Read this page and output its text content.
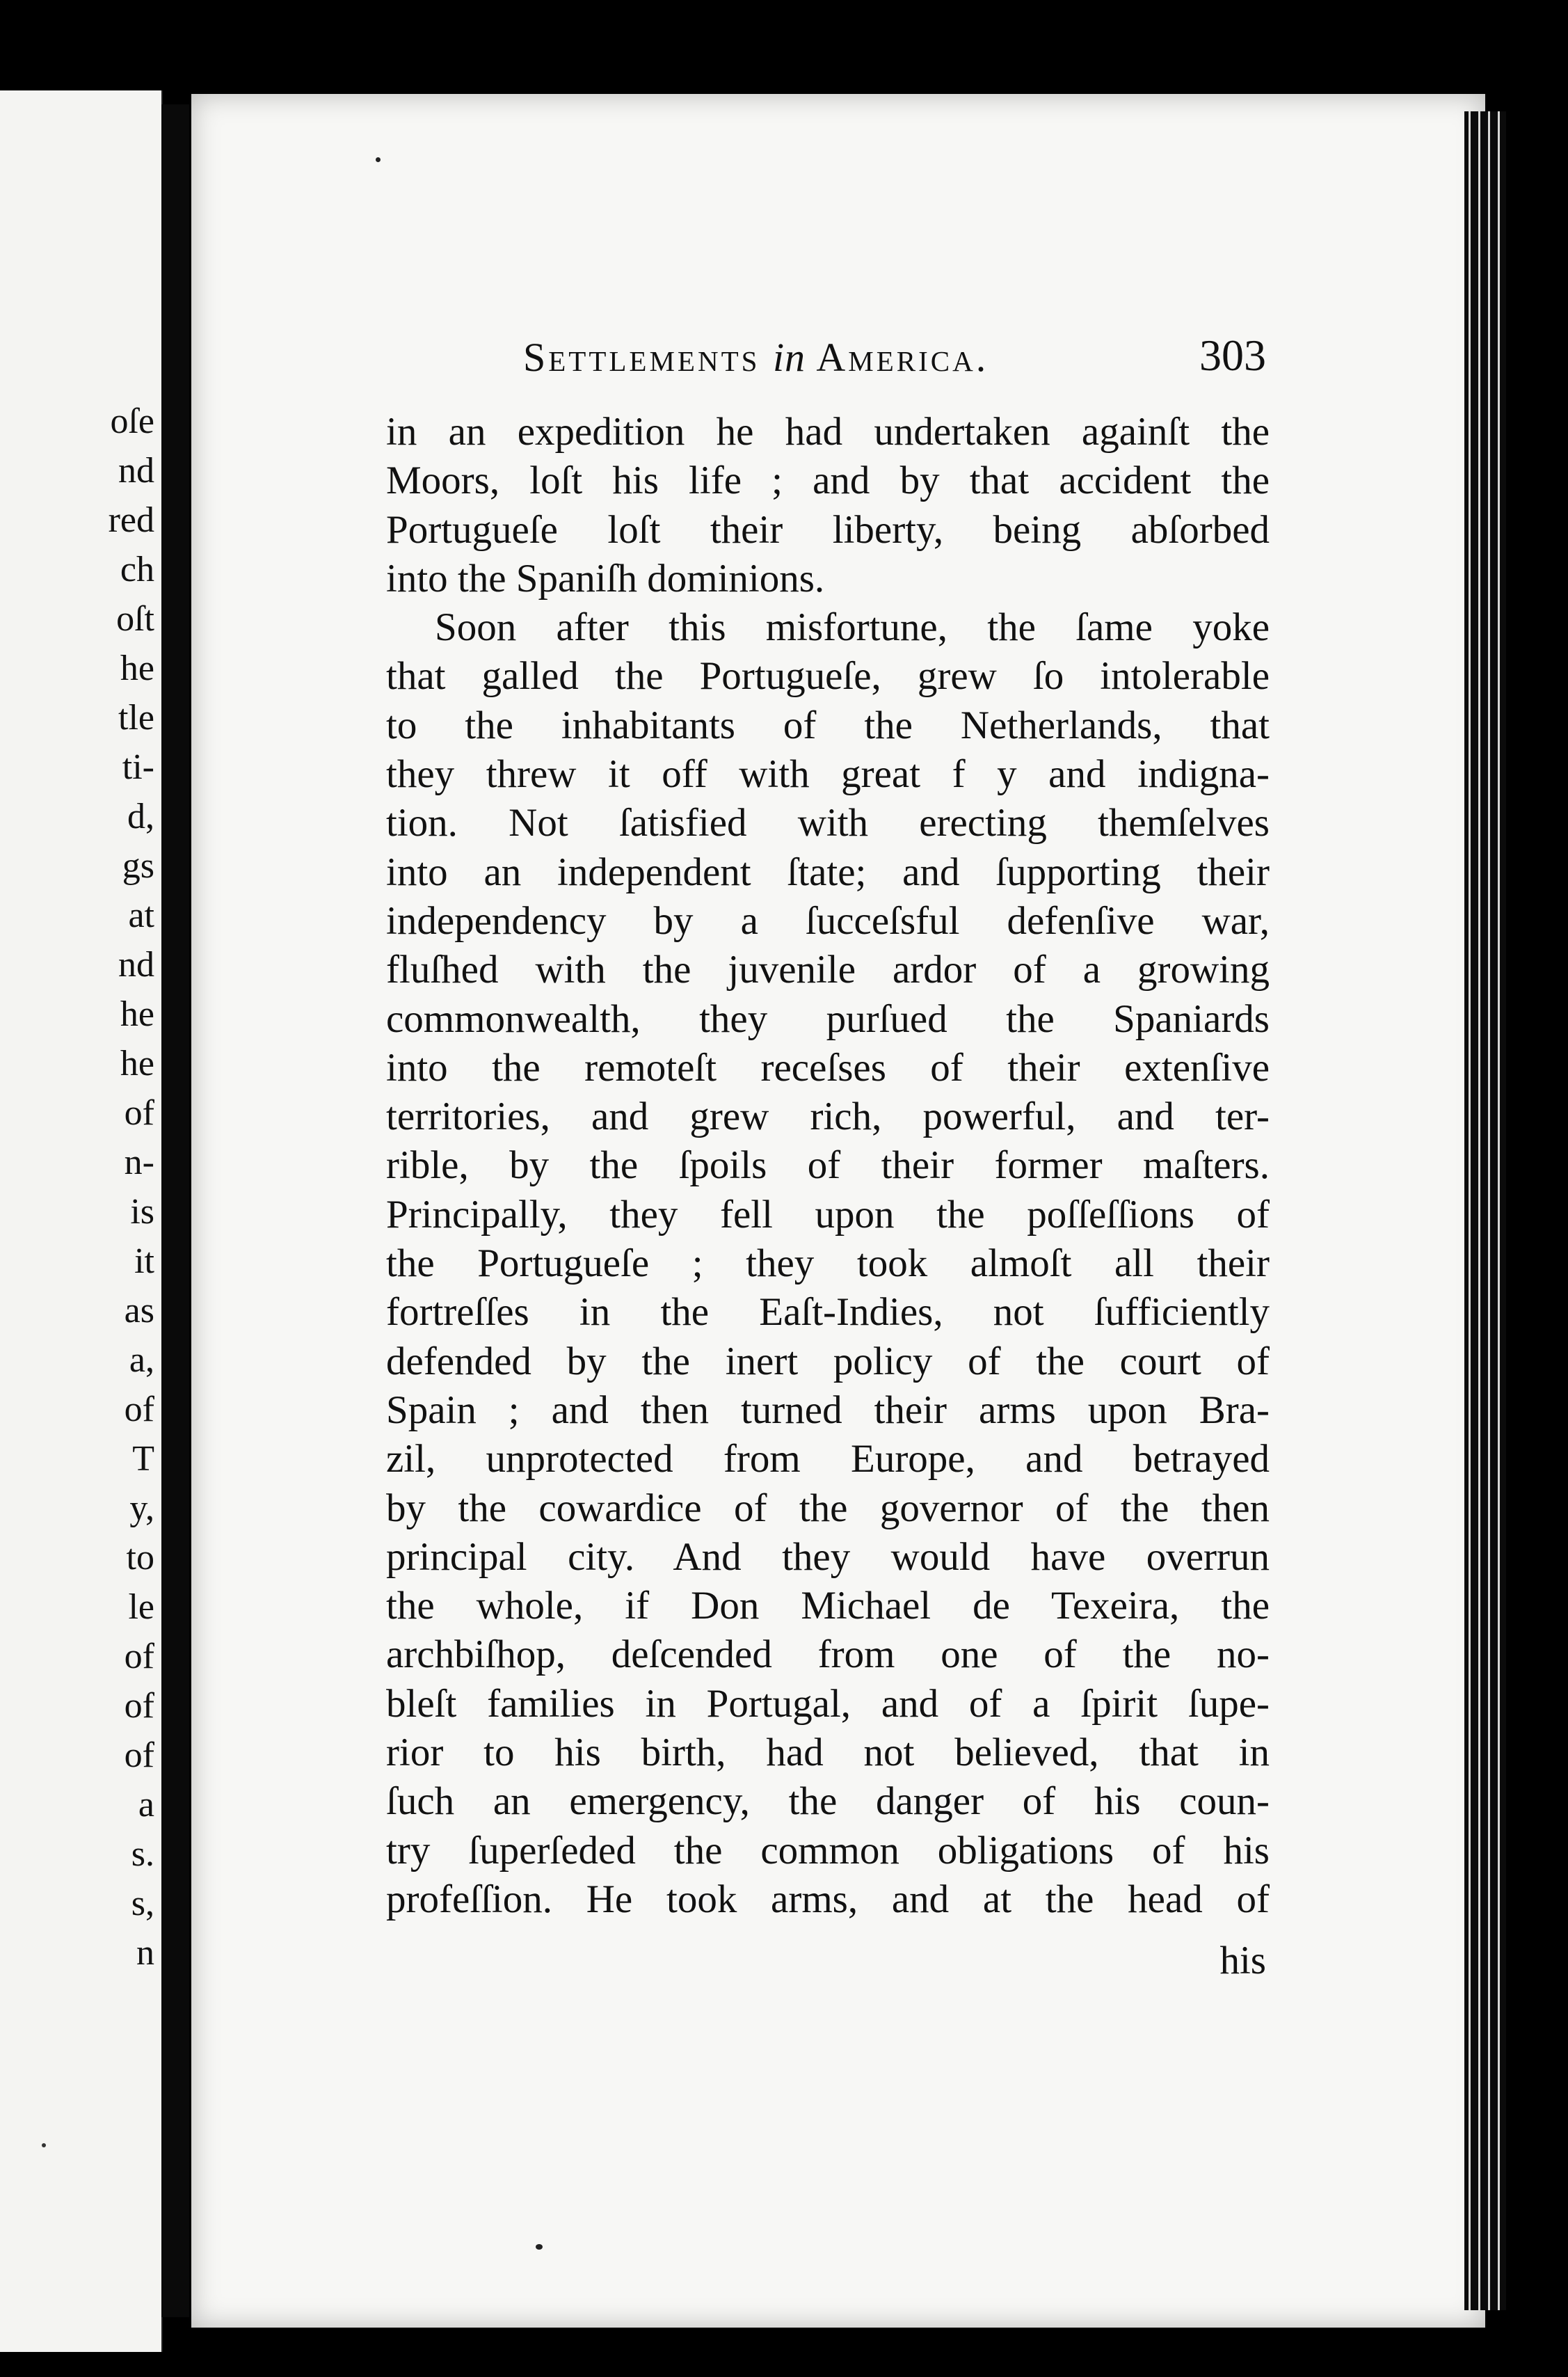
oſe
nd
red
ch
oſt
he
tle
ti-
d,
gs
at
nd
he
he
of
n-
is
it
as
a,
of
T
y,
to
le
of
of
of
a
s.
s,
n
Settlements in America.	303
in an expedition he had undertaken againſt the
Moors, loſt his life ; and by that accident the
Portugueſe loſt their liberty, being abſorbed
into the Spaniſh dominions.
Soon after this misfortune, the ſame yoke
that galled the Portugueſe, grew ſo intolerable
to the inhabitants of the Netherlands, that
they threw it off with great f y and indigna-
tion. Not ſatisfied with erecting themſelves
into an independent ſtate; and ſupporting their
independency by a ſucceſsful defenſive war,
fluſhed with the juvenile ardor of a growing
commonwealth, they purſued the Spaniards
into the remoteſt receſses of their extenſive
territories, and grew rich, powerful, and ter-
rible, by the ſpoils of their former maſters.
Principally, they fell upon the poſſeſſions of
the Portugueſe ; they took almoſt all their
fortreſſes in the Eaſt-Indies, not ſufficiently
defended by the inert policy of the court of
Spain ; and then turned their arms upon Bra-
zil, unprotected from Europe, and betrayed
by the cowardice of the governor of the then
principal city. And they would have overrun
the whole, if Don Michael de Texeira, the
archbiſhop, deſcended from one of the no-
bleſt families in Portugal, and of a ſpirit ſupe-
rior to his birth, had not believed, that in
ſuch an emergency, the danger of his coun-
try ſuperſeded the common obligations of his
profeſſion. He took arms, and at the head of
his
